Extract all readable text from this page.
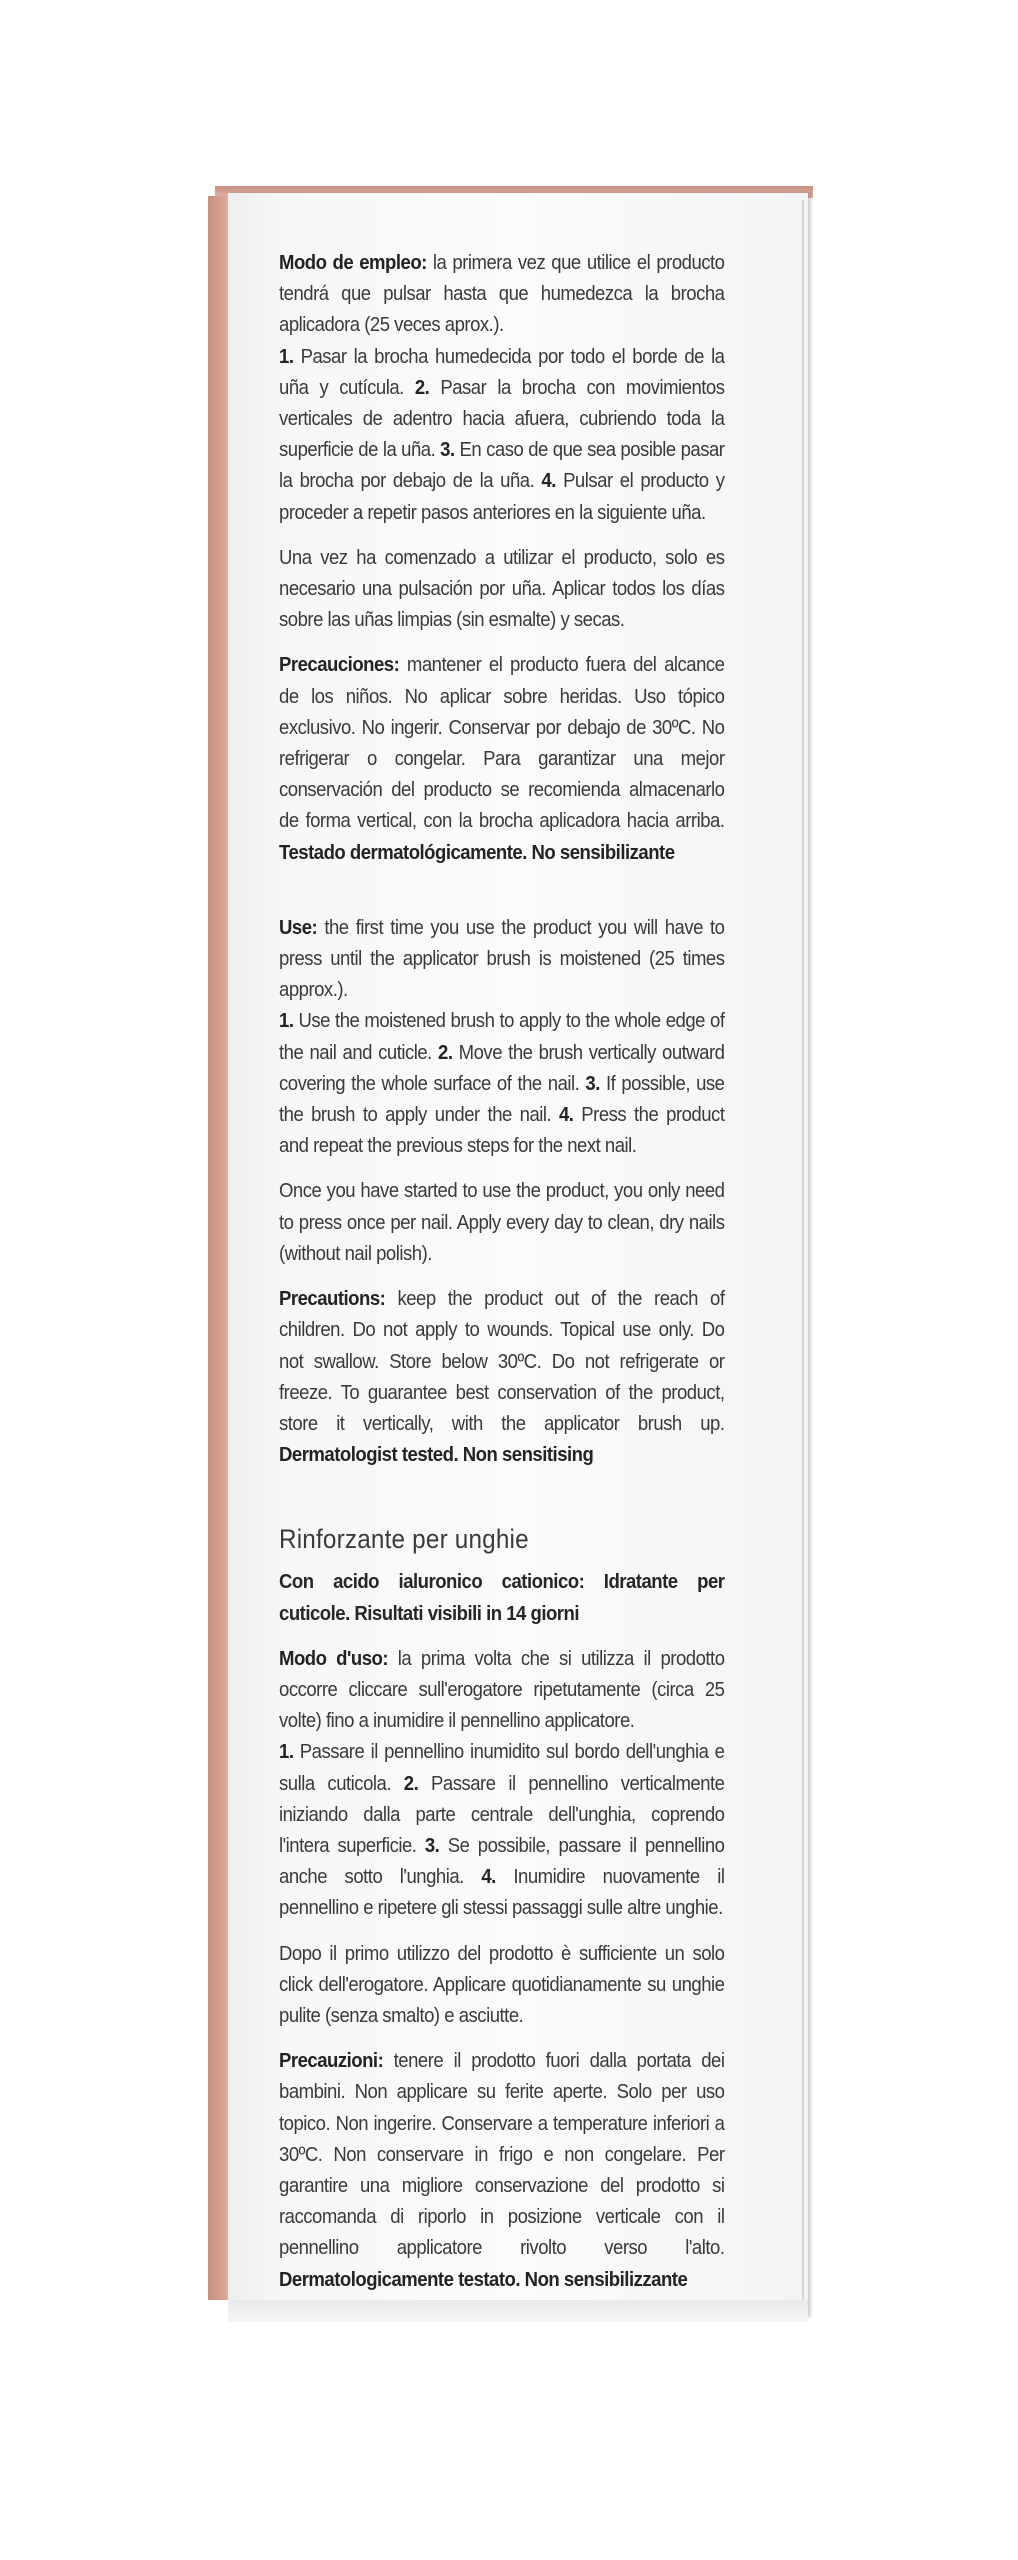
Modo de empleo: la primera vez que utilice el producto tendrá que pulsar hasta que humedezca la brocha aplicadora (25 veces aprox.).

1. Pasar la brocha humedecida por todo el borde de la uña y cutícula. 2. Pasar la brocha con movimientos verticales de adentro hacia afuera, cubriendo toda la superficie de la uña. 3. En caso de que sea posible pasar la brocha por debajo de la uña. 4. Pulsar el producto y proceder a repetir pasos anteriores en la siguiente uña.

Una vez ha comenzado a utilizar el producto, solo es necesario una pulsación por uña. Aplicar todos los días sobre las uñas limpias (sin esmalte) y secas.

Precauciones: mantener el producto fuera del alcance de los niños. No aplicar sobre heridas. Uso tópico exclusivo. No ingerir. Conservar por debajo de 30ºC. No refrigerar o congelar. Para garantizar una mejor conservación del producto se recomienda almacenarlo de forma vertical, con la brocha aplicadora hacia arriba. Testado dermatológicamente. No sensibilizante

Use: the first time you use the product you will have to press until the applicator brush is moistened (25 times approx.).

1. Use the moistened brush to apply to the whole edge of the nail and cuticle. 2. Move the brush vertically outward covering the whole surface of the nail. 3. If possible, use the brush to apply under the nail. 4. Press the product and repeat the previous steps for the next nail.

Once you have started to use the product, you only need to press once per nail. Apply every day to clean, dry nails (without nail polish).

Precautions: keep the product out of the reach of children. Do not apply to wounds. Topical use only. Do not swallow. Store below 30ºC. Do not refrigerate or freeze. To guarantee best conservation of the product, store it vertically, with the applicator brush up. Dermatologist tested. Non sensitising

Rinforzante per unghie

Con acido ialuronico cationico: Idratante per cuticole. Risultati visibili in 14 giorni

Modo d'uso: la prima volta che si utilizza il prodotto occorre cliccare sull'erogatore ripetutamente (circa 25 volte) fino a inumidire il pennellino applicatore.

1. Passare il pennellino inumidito sul bordo dell'unghia e sulla cuticola. 2. Passare il pennellino verticalmente iniziando dalla parte centrale dell'unghia, coprendo l'intera superficie. 3. Se possibile, passare il pennellino anche sotto l'unghia. 4. Inumidire nuovamente il pennellino e ripetere gli stessi passaggi sulle altre unghie.

Dopo il primo utilizzo del prodotto è sufficiente un solo click dell'erogatore. Applicare quotidianamente su unghie pulite (senza smalto) e asciutte.

Precauzioni: tenere il prodotto fuori dalla portata dei bambini. Non applicare su ferite aperte. Solo per uso topico. Non ingerire. Conservare a temperature inferiori a 30ºC. Non conservare in frigo e non congelare. Per garantire una migliore conservazione del prodotto si raccomanda di riporlo in posizione verticale con il pennellino applicatore rivolto verso l'alto. Dermatologicamente testato. Non sensibilizzante
